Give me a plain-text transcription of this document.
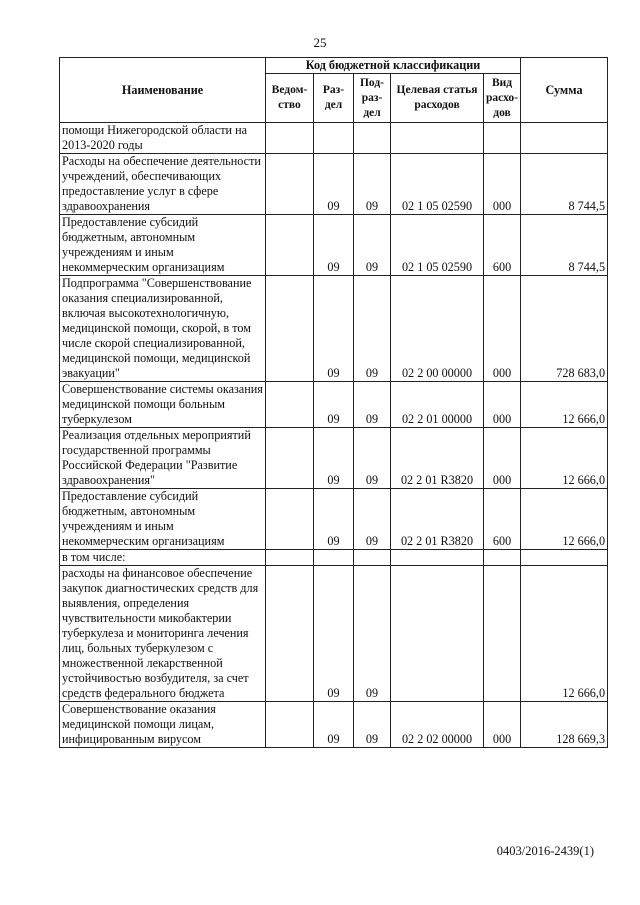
25
Наименование	Код бюджетной классификации					Сумма
	Ведом-ство	Раз-дел	Под-раз-дел	Целевая статья расходов	Вид расхо-дов	
помощи Нижегородской области на 2013-2020 годы						
Расходы на обеспечение деятельности учреждений, обеспечивающих предоставление услуг в сфере здравоохранения		09	09	02 1 05 02590	000	8 744,5
Предоставление субсидий бюджетным, автономным учреждениям и иным некоммерческим организациям		09	09	02 1 05 02590	600	8 744,5
Подпрограмма "Совершенствование оказания специализированной, включая высокотехнологичную, медицинской помощи, скорой, в том числе скорой специализированной, медицинской помощи, медицинской эвакуации"		09	09	02 2 00 00000	000	728 683,0
Совершенствование системы оказания медицинской помощи больным туберкулезом		09	09	02 2 01 00000	000	12 666,0
Реализация отдельных мероприятий государственной программы Российской Федерации "Развитие здравоохранения"		09	09	02 2 01 R3820	000	12 666,0
Предоставление субсидий бюджетным, автономным учреждениям и иным некоммерческим организациям		09	09	02 2 01 R3820	600	12 666,0
в том числе:						
расходы на финансовое обеспечение закупок диагностических средств для выявления, определения чувствительности микобактерии туберкулеза и мониторинга лечения лиц, больных туберкулезом с множественной лекарственной устойчивостью возбудителя, за счет средств федерального бюджета		09	09			12 666,0
Совершенствование оказания медицинской помощи лицам, инфицированным вирусом		09	09	02 2 02 00000	000	128 669,3
0403/2016-2439(1)
